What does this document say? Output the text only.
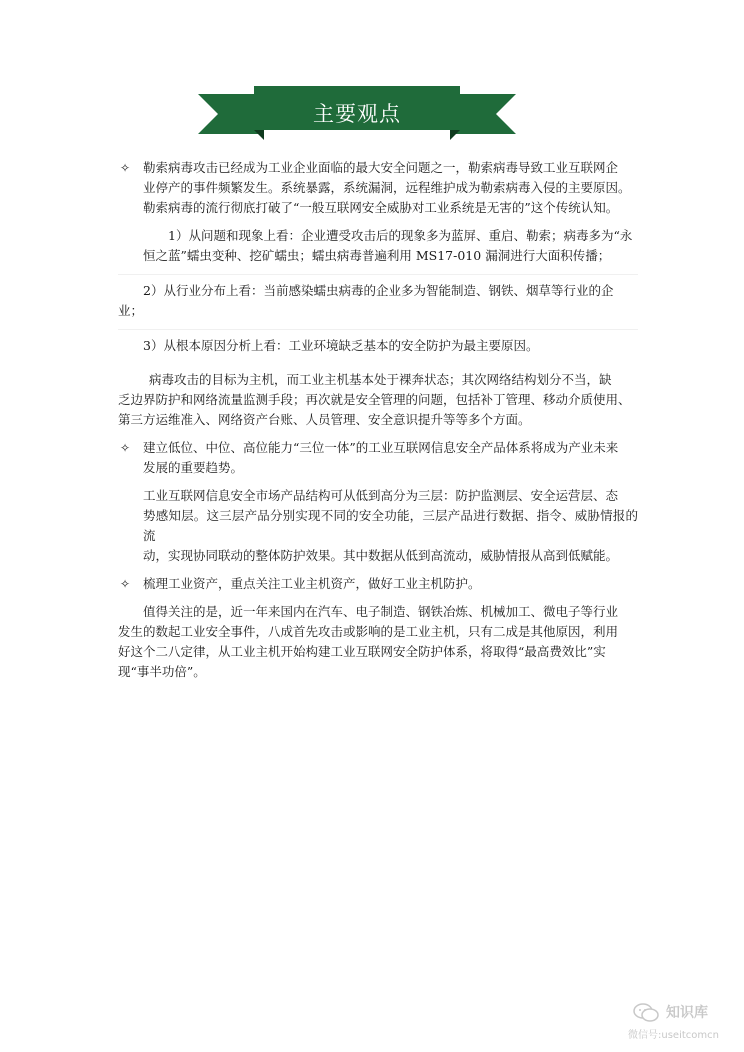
主要观点
✧ 勒索病毒攻击已经成为工业企业面临的最大安全问题之一，勒索病毒导致工业互联网企

业停产的事件频繁发生。系统暴露，系统漏洞，远程维护成为勒索病毒入侵的主要原因。

勒索病毒的流行彻底打破了“一般互联网安全威胁对工业系统是无害的”这个传统认知。

1）从问题和现象上看：企业遭受攻击后的现象多为蓝屏、重启、勒索；病毒多为“永

恒之蓝”蠕虫变种、挖矿蠕虫；蠕虫病毒普遍利用 MS17-010 漏洞进行大面积传播；

2）从行业分布上看：当前感染蠕虫病毒的企业多为智能制造、钢铁、烟草等行业的企

业；

3）从根本原因分析上看：工业环境缺乏基本的安全防护为最主要原因。

病毒攻击的目标为主机，而工业主机基本处于裸奔状态；其次网络结构划分不当，缺

乏边界防护和网络流量监测手段；再次就是安全管理的问题，包括补丁管理、移动介质使用、

第三方运维准入、网络资产台账、人员管理、安全意识提升等等多个方面。

✧ 建立低位、中位、高位能力“三位一体”的工业互联网信息安全产品体系将成为产业未来

发展的重要趋势。

工业互联网信息安全市场产品结构可从低到高分为三层：防护监测层、安全运营层、态

势感知层。这三层产品分别实现不同的安全功能，三层产品进行数据、指令、威胁情报的流

动，实现协同联动的整体防护效果。其中数据从低到高流动，威胁情报从高到低赋能。

✧ 梳理工业资产，重点关注工业主机资产，做好工业主机防护。

值得关注的是，近一年来国内在汽车、电子制造、钢铁冶炼、机械加工、微电子等行业

发生的数起工业安全事件，八成首先攻击或影响的是工业主机，只有二成是其他原因，利用

好这个二八定律，从工业主机开始构建工业互联网安全防护体系，将取得“最高费效比”实

现“事半功倍”。

知识库
微信号:useitcomcn
